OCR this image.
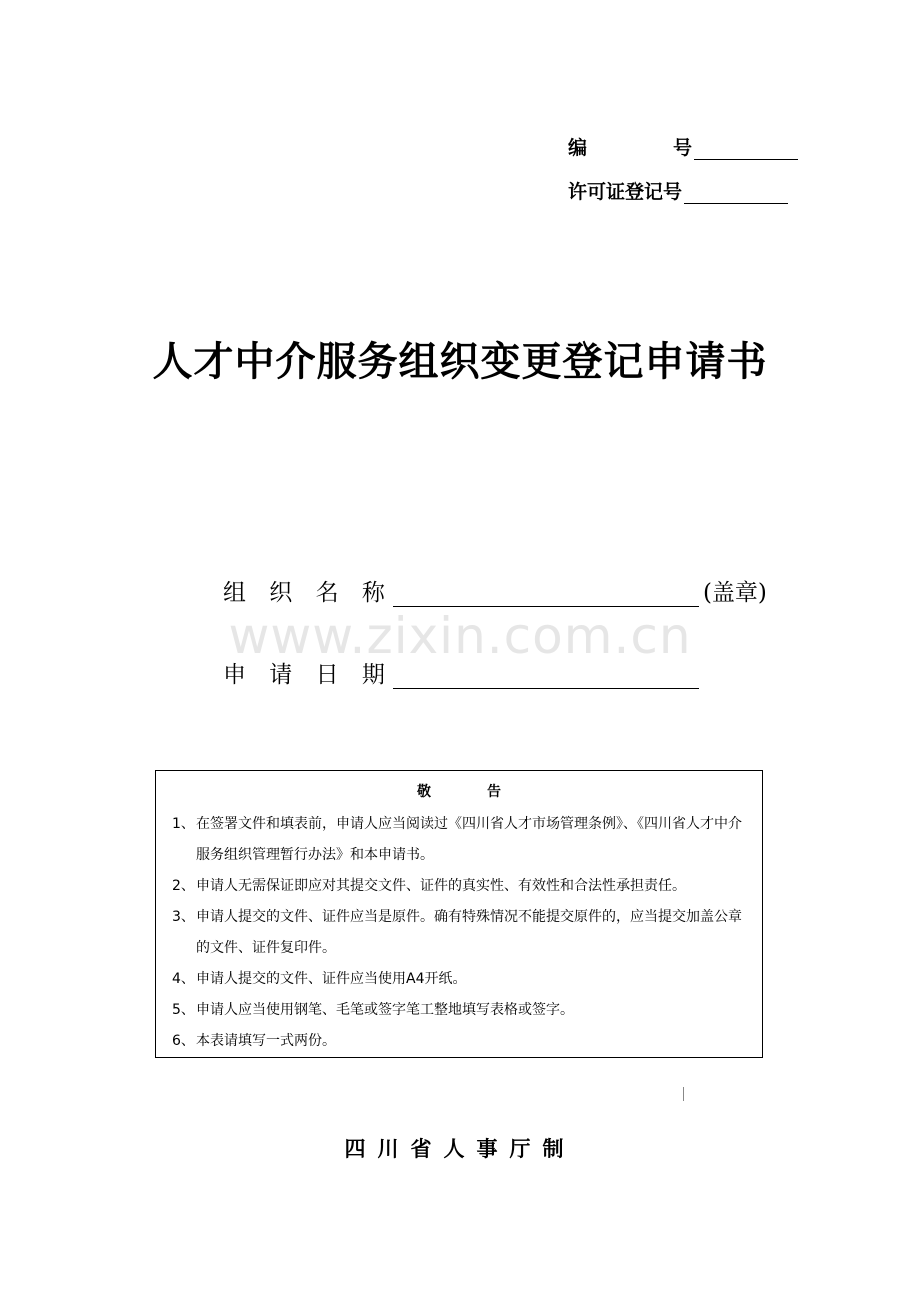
编	号
许可证登记号
人才中介服务组织变更登记申请书
组 织 名 称	(盖章)
www.zixin.com.cn
申 请 日 期
敬告
1、 在签署文件和填表前，申请人应当阅读过《四川省人才市场管理条例》、《四川省人才中介服务组织管理暂行办法》和本申请书。
2、 申请人无需保证即应对其提交文件、证件的真实性、有效性和合法性承担责任。
3、 申请人提交的文件、证件应当是原件。确有特殊情况不能提交原件的，应当提交加盖公章的文件、证件复印件。
4、 申请人提交的文件、证件应当使用A4开纸。
5、 申请人应当使用钢笔、毛笔或签字笔工整地填写表格或签字。
6、 本表请填写一式两份。
四川省人事厅制
